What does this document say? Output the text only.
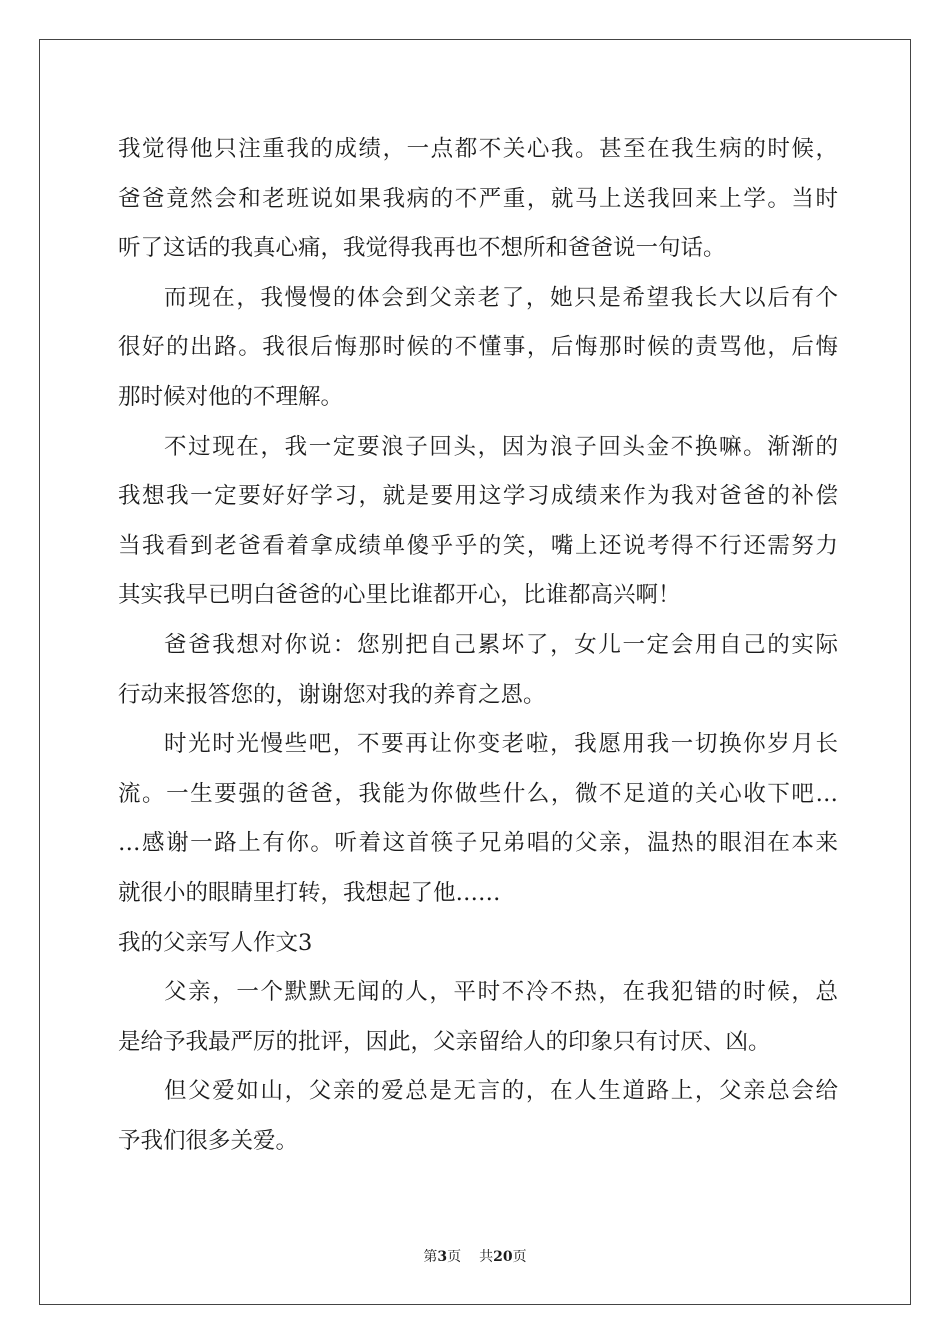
我觉得他只注重我的成绩，一点都不关心我。甚至在我生病的时候，
爸爸竟然会和老班说如果我病的不严重，就马上送我回来上学。当时
听了这话的我真心痛，我觉得我再也不想所和爸爸说一句话。
而现在，我慢慢的体会到父亲老了，她只是希望我长大以后有个
很好的出路。我很后悔那时候的不懂事，后悔那时候的责骂他，后悔
那时候对他的不理解。
不过现在，我一定要浪子回头，因为浪子回头金不换嘛。渐渐的
我想我一定要好好学习，就是要用这学习成绩来作为我对爸爸的补偿
当我看到老爸看着拿成绩单傻乎乎的笑，嘴上还说考得不行还需努力
其实我早已明白爸爸的心里比谁都开心，比谁都高兴啊！
爸爸我想对你说：您别把自己累坏了，女儿一定会用自己的实际
行动来报答您的，谢谢您对我的养育之恩。
时光时光慢些吧，不要再让你变老啦，我愿用我一切换你岁月长
流。一生要强的爸爸，我能为你做些什么，微不足道的关心收下吧…
…感谢一路上有你。听着这首筷子兄弟唱的父亲，温热的眼泪在本来
就很小的眼睛里打转，我想起了他……
我的父亲写人作文3
父亲，一个默默无闻的人，平时不冷不热，在我犯错的时候，总
是给予我最严厉的批评，因此，父亲留给人的印象只有讨厌、凶。
但父爱如山，父亲的爱总是无言的，在人生道路上，父亲总会给
予我们很多关爱。
第3页 共20页
